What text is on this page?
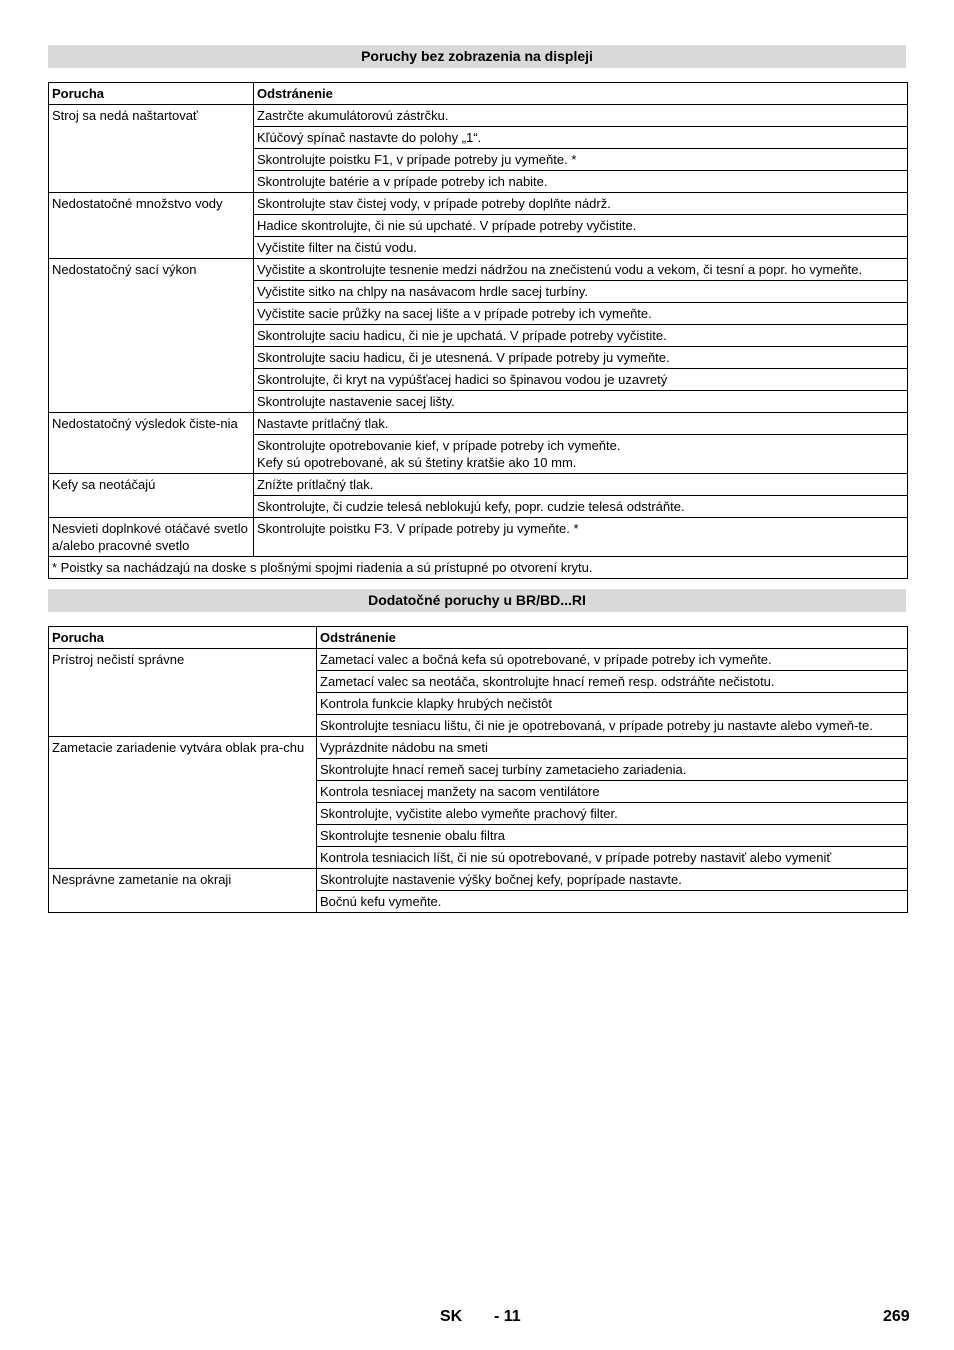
Poruchy bez zobrazenia na displeji
Porucha	Odstránenie
Stroj sa nedá naštartovať	Zastrčte akumulátorovú zástrčku.
	Kľúčový spínač nastavte do polohy „1“.
	Skontrolujte poistku F1, v prípade potreby ju vymeňte. *
	Skontrolujte batérie a v prípade potreby ich nabite.
Nedostatočné množstvo vody	Skontrolujte stav čistej vody, v prípade potreby doplňte nádrž.
	Hadice skontrolujte, či nie sú upchaté. V prípade potreby vyčistite.
	Vyčistite filter na čistú vodu.
Nedostatočný sací výkon	Vyčistite a skontrolujte tesnenie medzi nádržou na znečistenú vodu a vekom, či tesní a popr. ho vymeňte.
	Vyčistite sitko na chlpy na nasávacom hrdle sacej turbíny.
	Vyčistite sacie průžky na sacej lište a v prípade potreby ich vymeňte.
	Skontrolujte saciu hadicu, či nie je upchatá. V prípade potreby vyčistite.
	Skontrolujte saciu hadicu, či je utesnená. V prípade potreby ju vymeňte.
	Skontrolujte, či kryt na vypúšťacej hadici so špinavou vodou je uzavretý
	Skontrolujte nastavenie sacej lišty.
Nedostatočný výsledok čiste-nia	Nastavte prítlačný tlak.
	Skontrolujte opotrebovanie kief, v prípade potreby ich vymeňte.
Kefy sú opotrebované, ak sú štetiny kratšie ako 10 mm.
Kefy sa neotáčajú	Znížte prítlačný tlak.
	Skontrolujte, či cudzie telesá neblokujú kefy, popr. cudzie telesá odstráňte.
Nesvieti doplnkové otáčavé svetlo a/alebo pracovné svetlo	Skontrolujte poistku F3. V prípade potreby ju vymeňte. *
* Poistky sa nachádzajú na doske s plošnými spojmi riadenia a sú prístupné po otvorení krytu.	
Dodatočné poruchy u BR/BD...RI
Porucha	Odstránenie
Prístroj nečistí správne	Zametací valec a bočná kefa sú opotrebované, v prípade potreby ich vymeňte.
	Zametací valec sa neotáča, skontrolujte hnací remeň resp. odstráňte nečistotu.
	Kontrola funkcie klapky hrubých nečistôt
	Skontrolujte tesniacu lištu, či nie je opotrebovaná, v prípade potreby ju nastavte alebo vymeň-te.
Zametacie zariadenie vytvára oblak pra-chu	Vyprázdnite nádobu na smeti
	Skontrolujte hnací remeň sacej turbíny zametacieho zariadenia.
	Kontrola tesniacej manžety na sacom ventilátore
	Skontrolujte, vyčistite alebo vymeňte prachový filter.
	Skontrolujte tesnenie obalu filtra
	Kontrola tesniacich líšt, či nie sú opotrebované, v prípade potreby nastaviť alebo vymeniť
Nesprávne zametanie na okraji	Skontrolujte nastavenie výšky bočnej kefy, poprípade nastavte.
	Bočnú kefu vymeňte.
SK - 11	269
